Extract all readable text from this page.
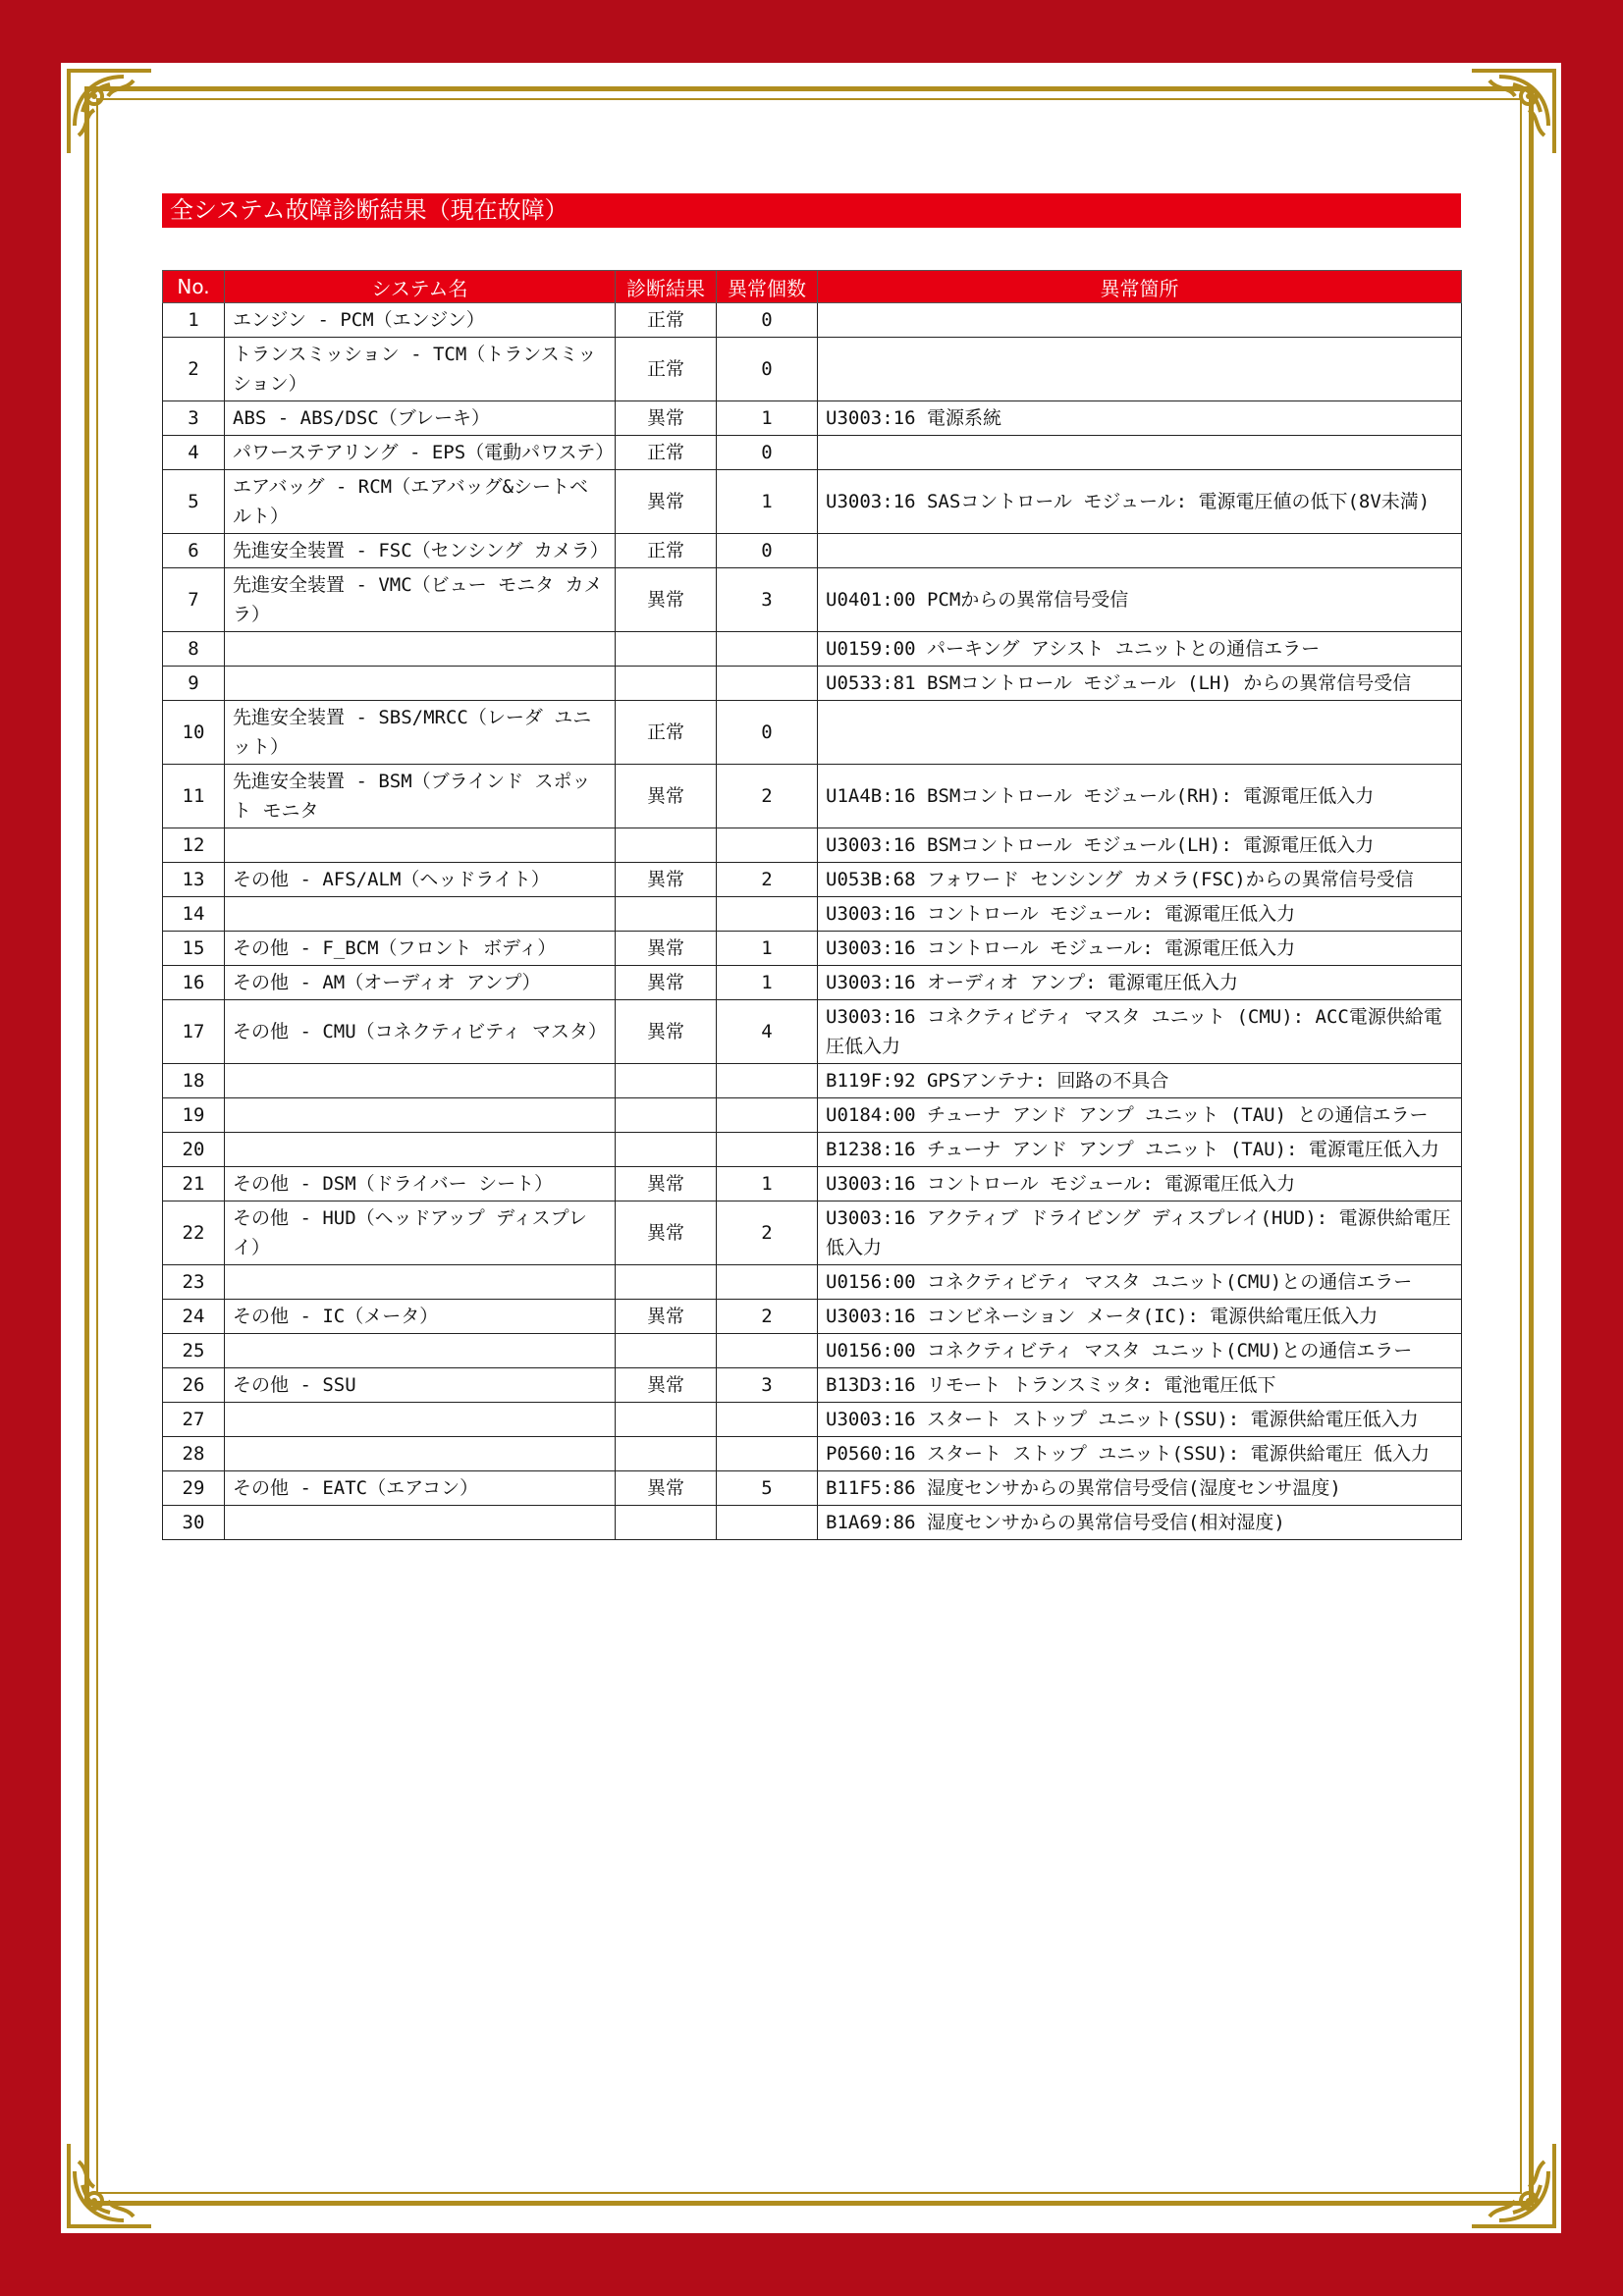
全システム故障診断結果（現在故障）
No.	システム名	診断結果	異常個数	異常箇所
1	エンジン - PCM（エンジン）	正常	0	
2	トランスミッション - TCM（トランスミッション）	正常	0	
3	ABS - ABS/DSC（ブレーキ）	異常	1	U3003:16 電源系統
4	パワーステアリング - EPS（電動パワステ）	正常	0	
5	エアバッグ - RCM（エアバッグ&シートベルト）	異常	1	U3003:16 SASコントロール モジュール: 電源電圧値の低下(8V未満)
6	先進安全装置 - FSC（センシング カメラ）	正常	0	
7	先進安全装置 - VMC（ビュー モニタ カメラ）	異常	3	U0401:00 PCMからの異常信号受信
8				U0159:00 パーキング アシスト ユニットとの通信エラー
9				U0533:81 BSMコントロール モジュール (LH) からの異常信号受信
10	先進安全装置 - SBS/MRCC（レーダ ユニット）	正常	0	
11	先進安全装置 - BSM（ブラインド スポット モニタ	異常	2	U1A4B:16 BSMコントロール モジュール(RH): 電源電圧低入力
12				U3003:16 BSMコントロール モジュール(LH): 電源電圧低入力
13	その他 - AFS/ALM（ヘッドライト）	異常	2	U053B:68 フォワード センシング カメラ(FSC)からの異常信号受信
14				U3003:16 コントロール モジュール: 電源電圧低入力
15	その他 - F_BCM（フロント ボディ）	異常	1	U3003:16 コントロール モジュール: 電源電圧低入力
16	その他 - AM（オーディオ アンプ）	異常	1	U3003:16 オーディオ アンプ: 電源電圧低入力
17	その他 - CMU（コネクティビティ マスタ）	異常	4	U3003:16 コネクティビティ マスタ ユニット (CMU): ACC電源供給電圧低入力
18				B119F:92 GPSアンテナ: 回路の不具合
19				U0184:00 チューナ アンド アンプ ユニット (TAU) との通信エラー
20				B1238:16 チューナ アンド アンプ ユニット (TAU): 電源電圧低入力
21	その他 - DSM（ドライバー シート）	異常	1	U3003:16 コントロール モジュール: 電源電圧低入力
22	その他 - HUD（ヘッドアップ ディスプレイ）	異常	2	U3003:16 アクティブ ドライビング ディスプレイ(HUD): 電源供給電圧低入力
23				U0156:00 コネクティビティ マスタ ユニット(CMU)との通信エラー
24	その他 - IC（メータ）	異常	2	U3003:16 コンビネーション メータ(IC): 電源供給電圧低入力
25				U0156:00 コネクティビティ マスタ ユニット(CMU)との通信エラー
26	その他 - SSU	異常	3	B13D3:16 リモート トランスミッタ: 電池電圧低下
27				U3003:16 スタート ストップ ユニット(SSU): 電源供給電圧低入力
28				P0560:16 スタート ストップ ユニット(SSU): 電源供給電圧 低入力
29	その他 - EATC（エアコン）	異常	5	B11F5:86 湿度センサからの異常信号受信(湿度センサ温度)
30				B1A69:86 湿度センサからの異常信号受信(相対湿度)
